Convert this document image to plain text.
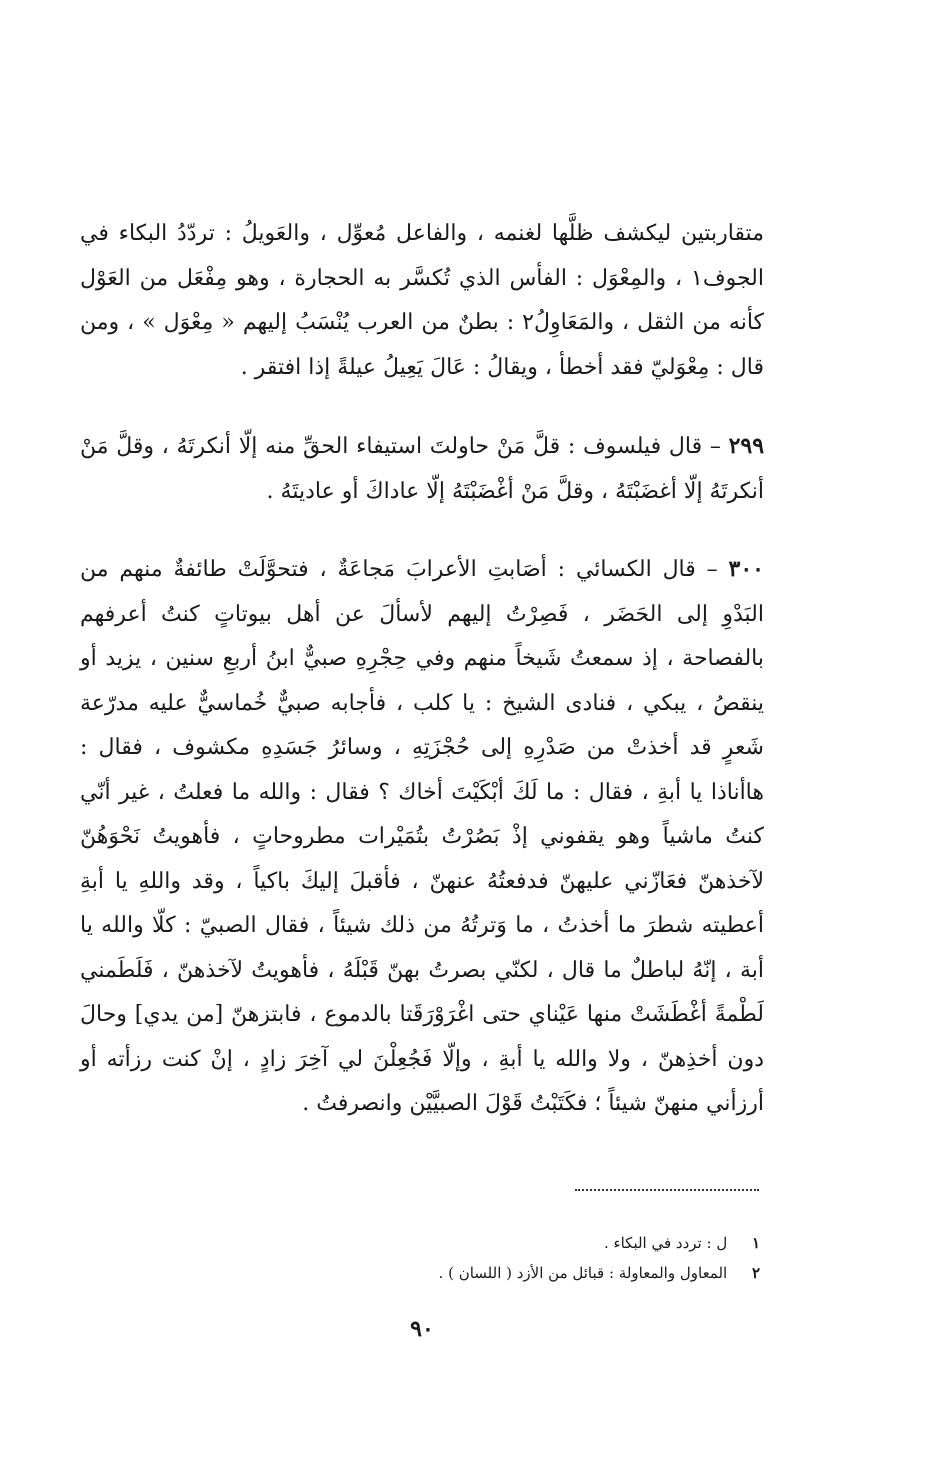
متقاربتين ليكشف ظلَّها لغنمه ، والفاعل مُعوِّل ، والعَويلُ : تردّدُ البكاء في الجوف١ ، والمِعْوَل : الفأس الذي تُكسَّر به الحجارة ، وهو مِفْعَل من العَوْل كأنه من الثقل ، والمَعَاوِلُ٢ : بطنٌ من العرب يُنْسَبُ إليهم « مِعْوَل » ، ومن قال : مِعْوَليّ فقد أخطأ ، ويقالُ : عَالَ يَعِيلُ عيلةً إذا افتقر .

٢٩٩ – قال فيلسوف : قلَّ مَنْ حاولتَ استيفاء الحقِّ منه إلّا أنكرتَهُ ، وقلَّ مَنْ أنكرتَهُ إلّا أغضَبْتَهُ ، وقلَّ مَنْ أغْضَبْتَهُ إلّا عاداكَ أو عاديتَهُ .

٣٠٠ – قال الكسائي : أصَابتِ الأعرابَ مَجاعَةٌ ، فتحوَّلَتْ طائفةٌ منهم من البَدْوِ إلى الحَضَر ، فَصِرْتُ إليهم لأسألَ عن أهل بيوتاتٍ كنتُ أعرفهم بالفصاحة ، إذ سمعتُ شَيخاً منهم وفي حِجْرِهِ صبيٌّ ابنُ أربعِ سنين ، يزيد أو ينقصُ ، يبكي ، فنادى الشيخ : يا كلب ، فأجابه صبيٌّ خُماسيٌّ عليه مدرّعة شَعرٍ قد أخذتْ من صَدْرِهِ إلى حُجْزَتِهِ ، وسائرُ جَسَدِهِ مكشوف ، فقال : هاأناذا يا أبةِ ، فقال : ما لَكَ أبْكَيْتَ أخاك ؟ فقال : والله ما فعلتُ ، غير أنّي كنتُ ماشياً وهو يقفوني إذْ بَصُرْتُ بتُمَيْرات مطروحاتٍ ، فأهويتُ نَحْوَهُنّ لآخذهنّ فعَازّني عليهنّ فدفعتُهُ عنهنّ ، فأقبلَ إليكَ باكياً ، وقد واللهِ يا أبةِ أعطيته شطرَ ما أخذتُ ، ما وَترتُهُ من ذلك شيئاً ، فقال الصبيّ : كلّا والله يا أبة ، إنّهُ لباطلٌ ما قال ، لكنّي بصرتُ بهنّ قَبْلَهُ ، فأهويتُ لآخذهنّ ، فَلَطَمني لَطْمةً أغْطَشَتْ منها عَيْناي حتى اغْرَوْرَقَتا بالدموع ، فابتزهنّ [من يدي] وحالَ دون أخذِهنّ ، ولا والله يا أبةِ ، وإلّا فَجُعِلْنَ لي آخِرَ زادٍ ، إنْ كنت رزأته أو أرزأني منهنّ شيئاً ؛ فكَتَبْتُ قَوْلَ الصبيَّيْن وانصرفتُ .

١ ل : تردد في البكاء .
٢ المعاول والمعاولة : قبائل من الأزد ( اللسان ) .
٩٠
